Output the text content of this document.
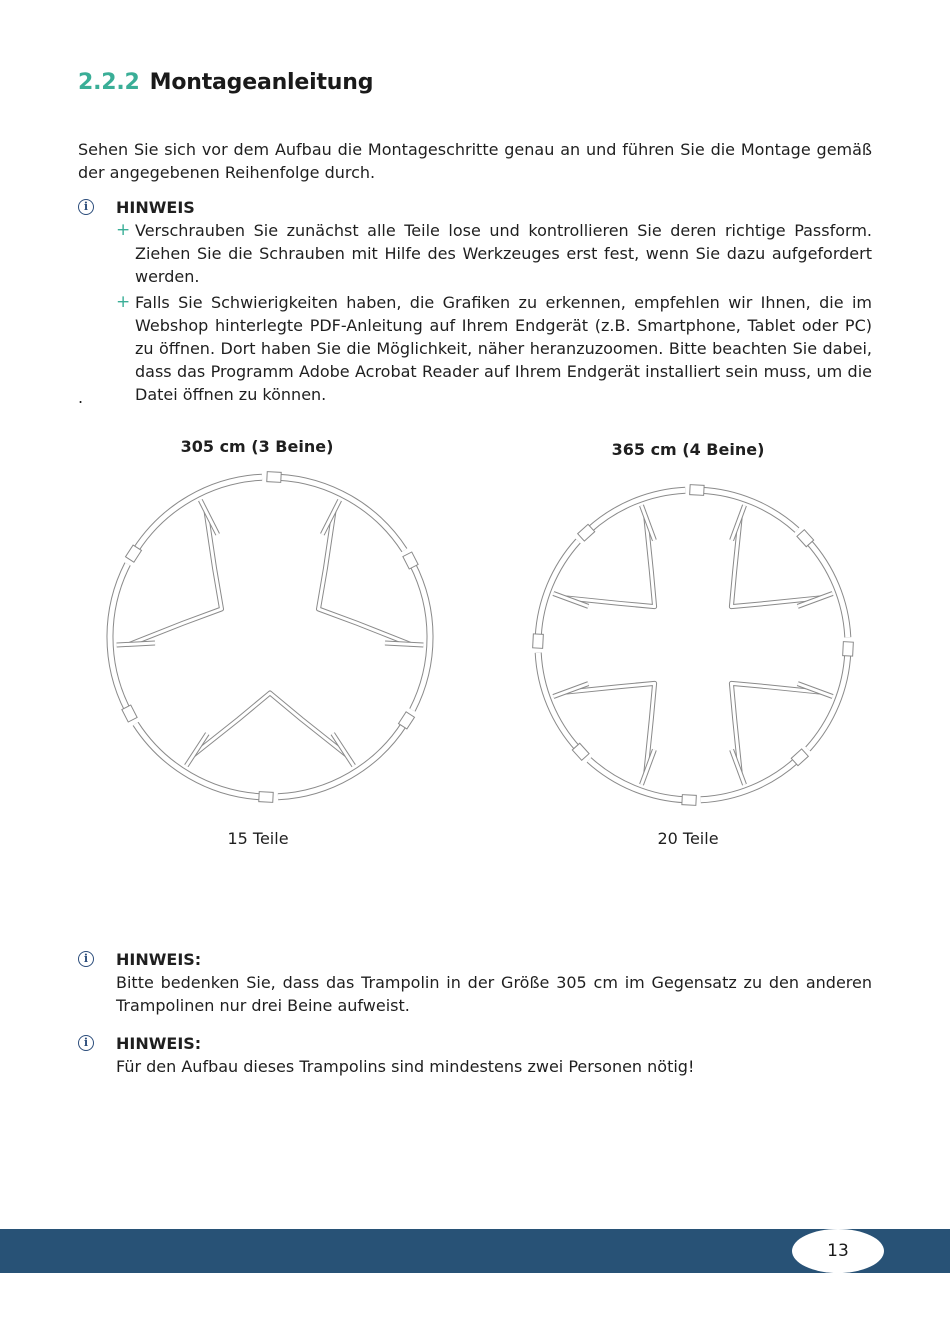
2.2.2 Montageanleitung

Sehen Sie sich vor dem Aufbau die Montageschritte genau an und führen Sie die Montage gemäß der angegebenen Reihenfolge durch.

i	HINWEIS
+ Verschrauben Sie zunächst alle Teile lose und kontrollieren Sie deren richtige Passform. Ziehen Sie die Schrauben mit Hilfe des Werkzeuges erst fest, wenn Sie dazu aufgefordert werden.
+ Falls Sie Schwierigkeiten haben, die Grafiken zu erkennen, empfehlen wir Ihnen, die im Webshop hinterlegte PDF-Anleitung auf Ihrem Endgerät (z.B. Smartphone, Tablet oder PC) zu öffnen. Dort haben Sie die Möglichkeit, näher heranzuzoomen. Bitte beachten Sie dabei, dass das Programm Adobe Acrobat Reader auf Ihrem Endgerät installiert sein muss, um die Datei öffnen zu können.
.
305 cm (3 Beine)	365 cm (4 Beine)
15 Teile	20 Teile
i	HINWEIS:
Bitte bedenken Sie, dass das Trampolin in der Größe 305 cm im Gegensatz zu den anderen Trampolinen nur drei Beine aufweist.
i	HINWEIS:
Für den Aufbau dieses Trampolins sind mindestens zwei Personen nötig!
13
